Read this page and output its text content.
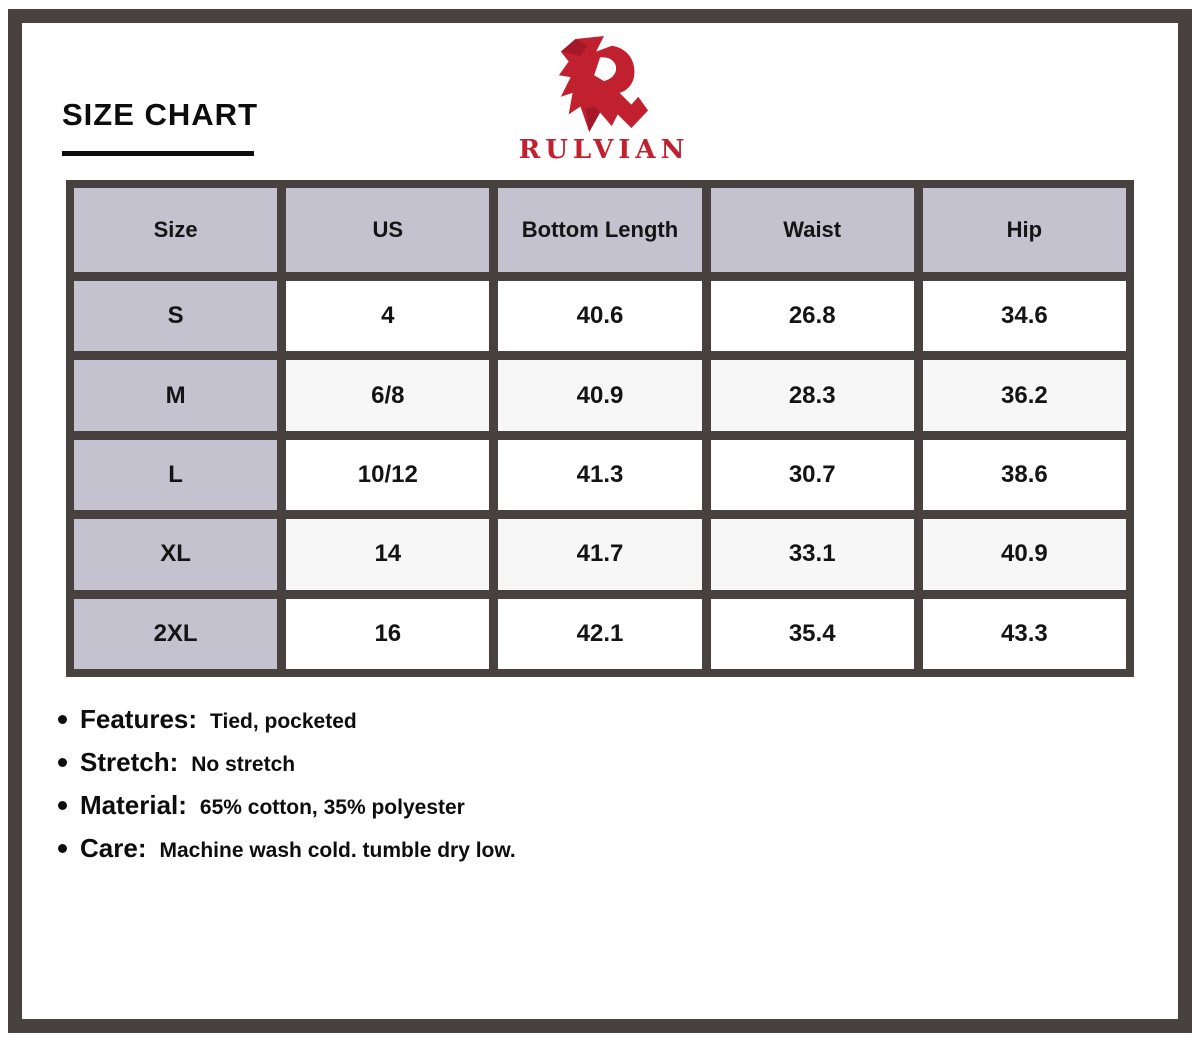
SIZE CHART
RULVIAN
Size	US	Bottom Length	Waist	Hip
S	4	40.6	26.8	34.6
M	6/8	40.9	28.3	36.2
L	10/12	41.3	30.7	38.6
XL	14	41.7	33.1	40.9
2XL	16	42.1	35.4	43.3
Features: Tied, pocketed
Stretch: No stretch
Material: 65% cotton, 35% polyester
Care: Machine wash cold. tumble dry low.
